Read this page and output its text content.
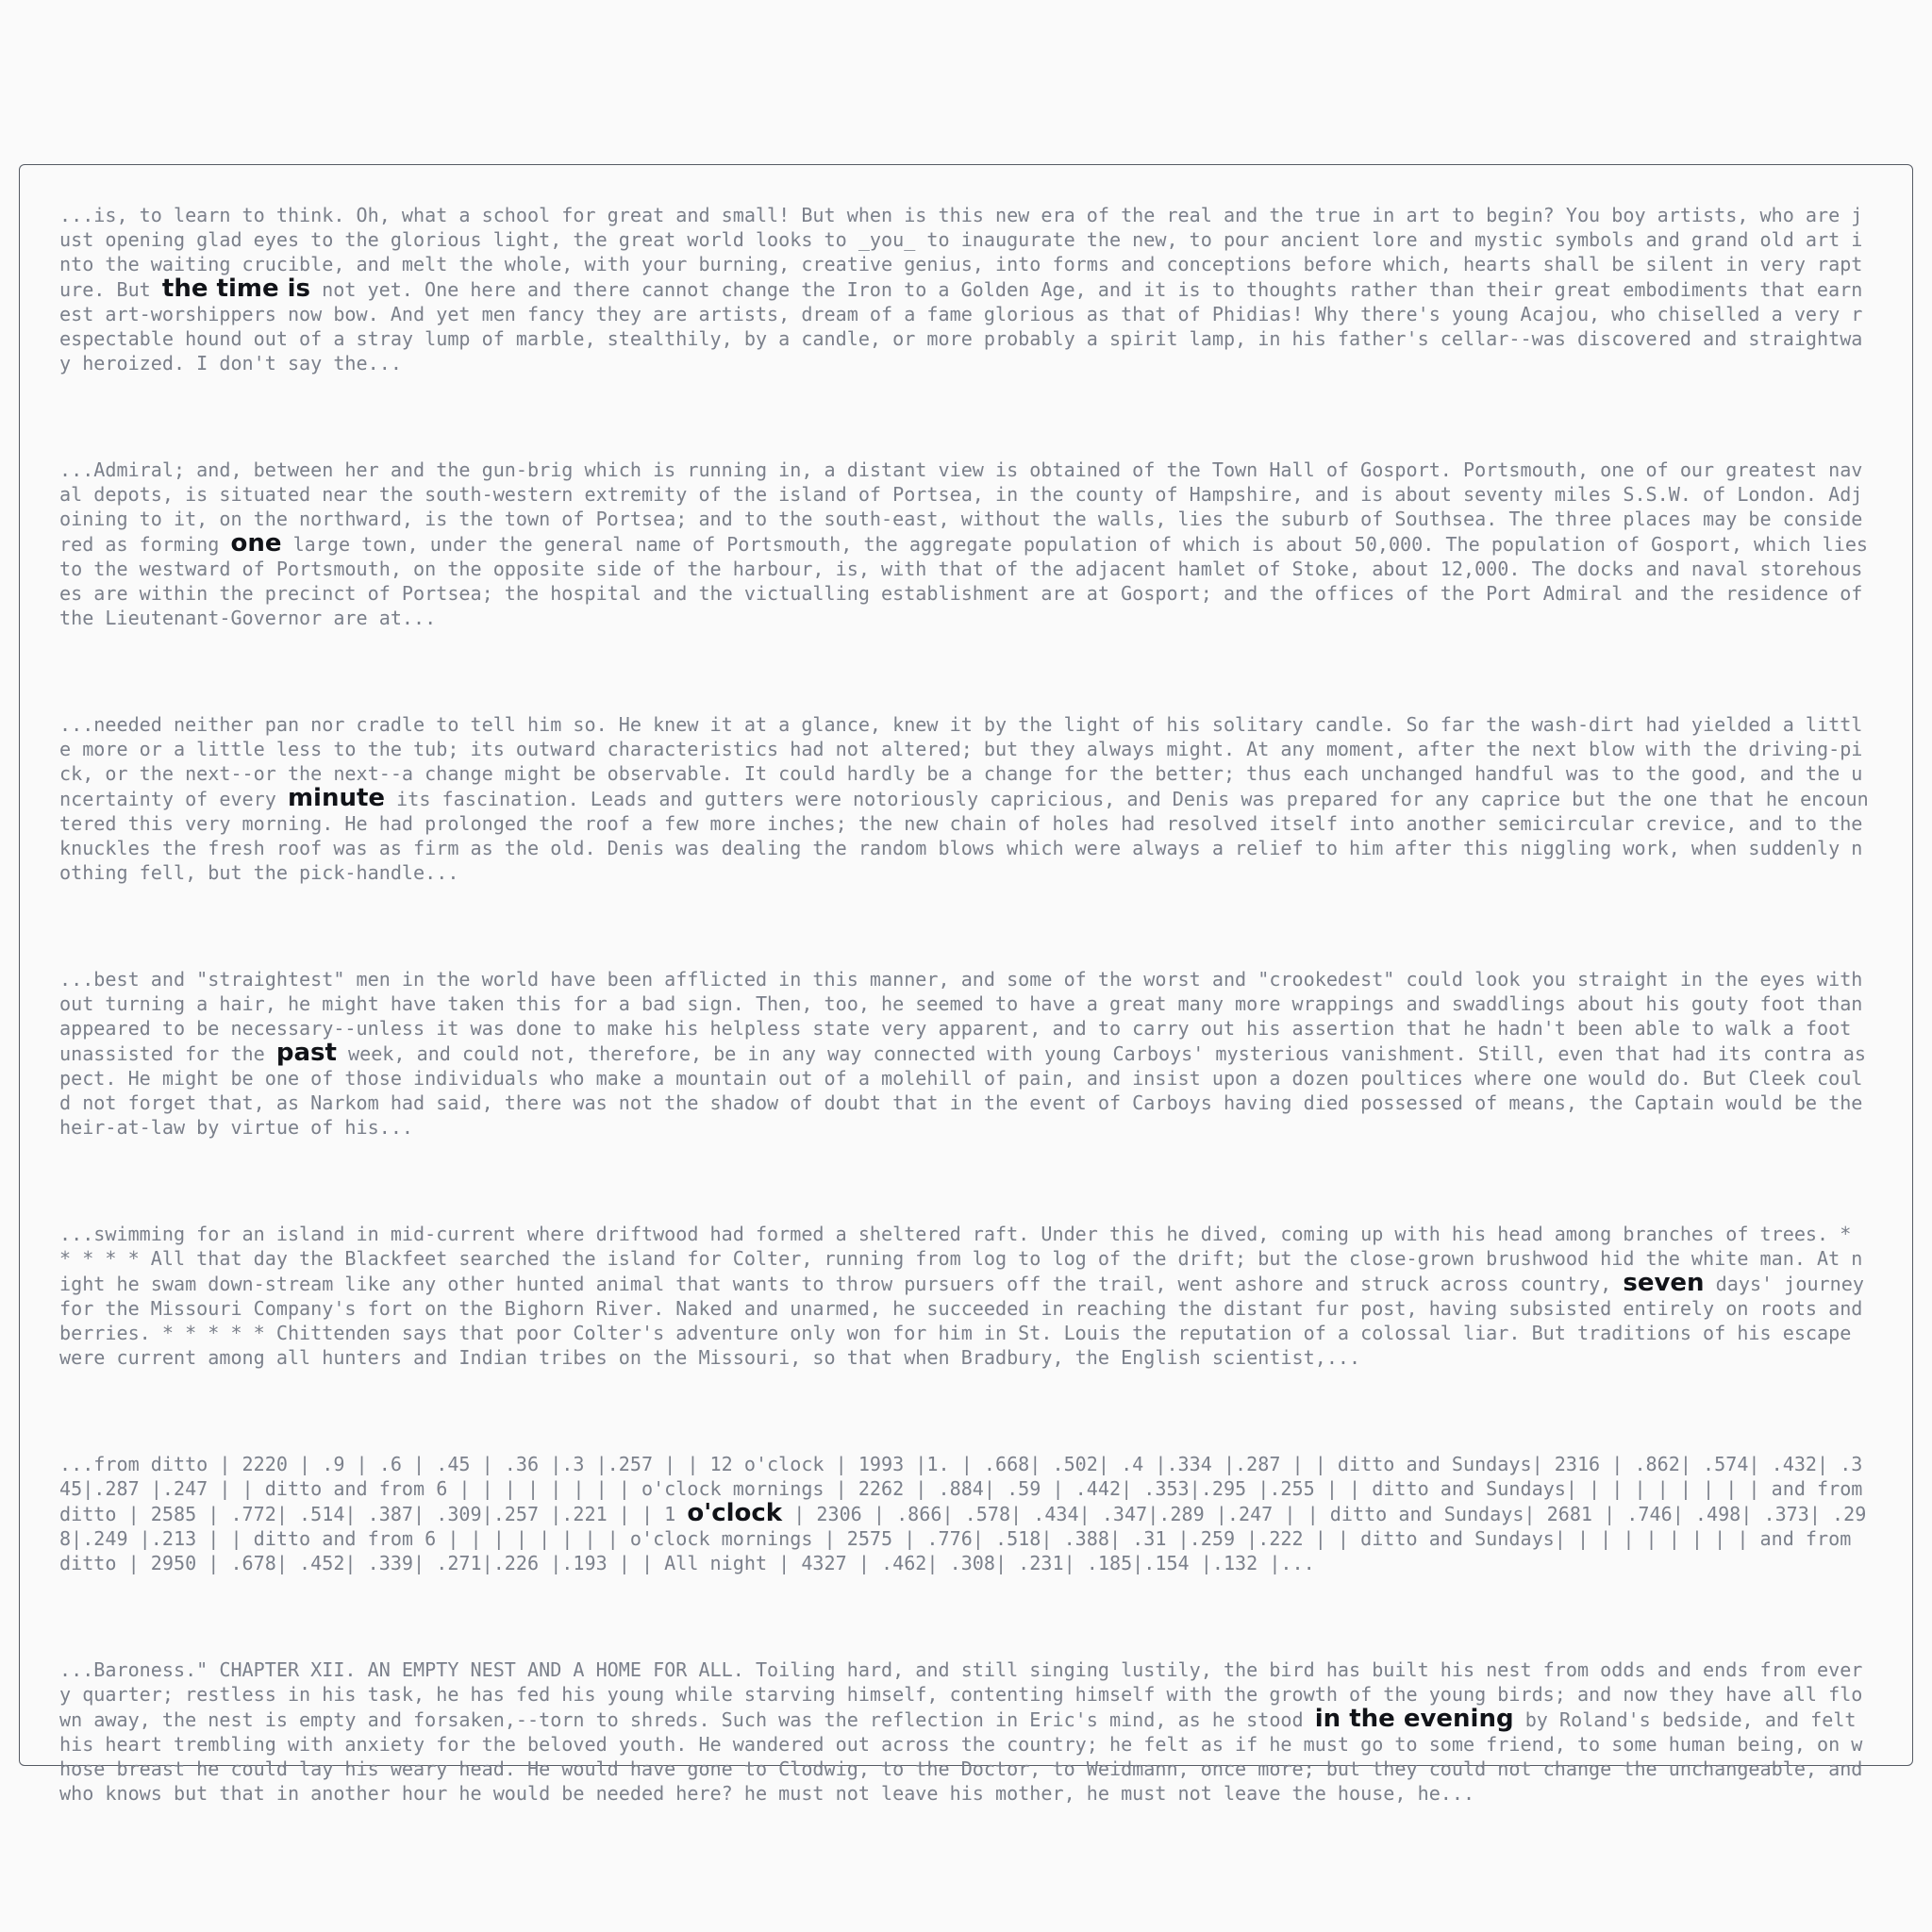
...is, to learn to think. Oh, what a school for great and small! But when is this new era of the real and the true in art to begin? You boy artists, who are just opening glad eyes to the glorious light, the great world looks to _you_ to inaugurate the new, to pour ancient lore and mystic symbols and grand old art into the waiting crucible, and melt the whole, with your burning, creative genius, into forms and conceptions before which, hearts shall be silent in very rapture. But the time is not yet. One here and there cannot change the Iron to a Golden Age, and it is to thoughts rather than their great embodiments that earnest art-worshippers now bow. And yet men fancy they are artists, dream of a fame glorious as that of Phidias! Why there's young Acajou, who chiselled a very respectable hound out of a stray lump of marble, stealthily, by a candle, or more probably a spirit lamp, in his father's cellar--was discovered and straightway heroized. I don't say the...

...Admiral; and, between her and the gun-brig which is running in, a distant view is obtained of the Town Hall of Gosport. Portsmouth, one of our greatest naval depots, is situated near the south-western extremity of the island of Portsea, in the county of Hampshire, and is about seventy miles S.S.W. of London. Adjoining to it, on the northward, is the town of Portsea; and to the south-east, without the walls, lies the suburb of Southsea. The three places may be considered as forming one large town, under the general name of Portsmouth, the aggregate population of which is about 50,000. The population of Gosport, which lies to the westward of Portsmouth, on the opposite side of the harbour, is, with that of the adjacent hamlet of Stoke, about 12,000. The docks and naval storehouses are within the precinct of Portsea; the hospital and the victualling establishment are at Gosport; and the offices of the Port Admiral and the residence of the Lieutenant-Governor are at...

...needed neither pan nor cradle to tell him so. He knew it at a glance, knew it by the light of his solitary candle. So far the wash-dirt had yielded a little more or a little less to the tub; its outward characteristics had not altered; but they always might. At any moment, after the next blow with the driving-pick, or the next--or the next--a change might be observable. It could hardly be a change for the better; thus each unchanged handful was to the good, and the uncertainty of every minute its fascination. Leads and gutters were notoriously capricious, and Denis was prepared for any caprice but the one that he encountered this very morning. He had prolonged the roof a few more inches; the new chain of holes had resolved itself into another semicircular crevice, and to the knuckles the fresh roof was as firm as the old. Denis was dealing the random blows which were always a relief to him after this niggling work, when suddenly nothing fell, but the pick-handle...

...best and "straightest" men in the world have been afflicted in this manner, and some of the worst and "crookedest" could look you straight in the eyes without turning a hair, he might have taken this for a bad sign. Then, too, he seemed to have a great many more wrappings and swaddlings about his gouty foot than appeared to be necessary--unless it was done to make his helpless state very apparent, and to carry out his assertion that he hadn't been able to walk a foot unassisted for the past week, and could not, therefore, be in any way connected with young Carboys' mysterious vanishment. Still, even that had its contra aspect. He might be one of those individuals who make a mountain out of a molehill of pain, and insist upon a dozen poultices where one would do. But Cleek could not forget that, as Narkom had said, there was not the shadow of doubt that in the event of Carboys having died possessed of means, the Captain would be the heir-at-law by virtue of his...

...swimming for an island in mid-current where driftwood had formed a sheltered raft. Under this he dived, coming up with his head among branches of trees. * * * * * All that day the Blackfeet searched the island for Colter, running from log to log of the drift; but the close-grown brushwood hid the white man. At night he swam down-stream like any other hunted animal that wants to throw pursuers off the trail, went ashore and struck across country, seven days' journey for the Missouri Company's fort on the Bighorn River. Naked and unarmed, he succeeded in reaching the distant fur post, having subsisted entirely on roots and berries. * * * * * Chittenden says that poor Colter's adventure only won for him in St. Louis the reputation of a colossal liar. But traditions of his escape were current among all hunters and Indian tribes on the Missouri, so that when Bradbury, the English scientist,...

...from ditto | 2220 | .9 | .6 | .45 | .36 |.3 |.257 | | 12 o'clock | 1993 |1. | .668| .502| .4 |.334 |.287 | | ditto and Sundays| 2316 | .862| .574| .432| .345|.287 |.247 | | ditto and from 6 | | | | | | | | o'clock mornings | 2262 | .884| .59 | .442| .353|.295 |.255 | | ditto and Sundays| | | | | | | | | and from ditto | 2585 | .772| .514| .387| .309|.257 |.221 | | 1 o'clock | 2306 | .866| .578| .434| .347|.289 |.247 | | ditto and Sundays| 2681 | .746| .498| .373| .298|.249 |.213 | | ditto and from 6 | | | | | | | | o'clock mornings | 2575 | .776| .518| .388| .31 |.259 |.222 | | ditto and Sundays| | | | | | | | | and from ditto | 2950 | .678| .452| .339| .271|.226 |.193 | | All night | 4327 | .462| .308| .231| .185|.154 |.132 |...

...Baroness." CHAPTER XII. AN EMPTY NEST AND A HOME FOR ALL. Toiling hard, and still singing lustily, the bird has built his nest from odds and ends from every quarter; restless in his task, he has fed his young while starving himself, contenting himself with the growth of the young birds; and now they have all flown away, the nest is empty and forsaken,--torn to shreds. Such was the reflection in Eric's mind, as he stood in the evening by Roland's bedside, and felt his heart trembling with anxiety for the beloved youth. He wandered out across the country; he felt as if he must go to some friend, to some human being, on whose breast he could lay his weary head. He would have gone to Clodwig, to the Doctor, to Weidmann, once more; but they could not change the unchangeable, and who knows but that in another hour he would be needed here? he must not leave his mother, he must not leave the house, he...
